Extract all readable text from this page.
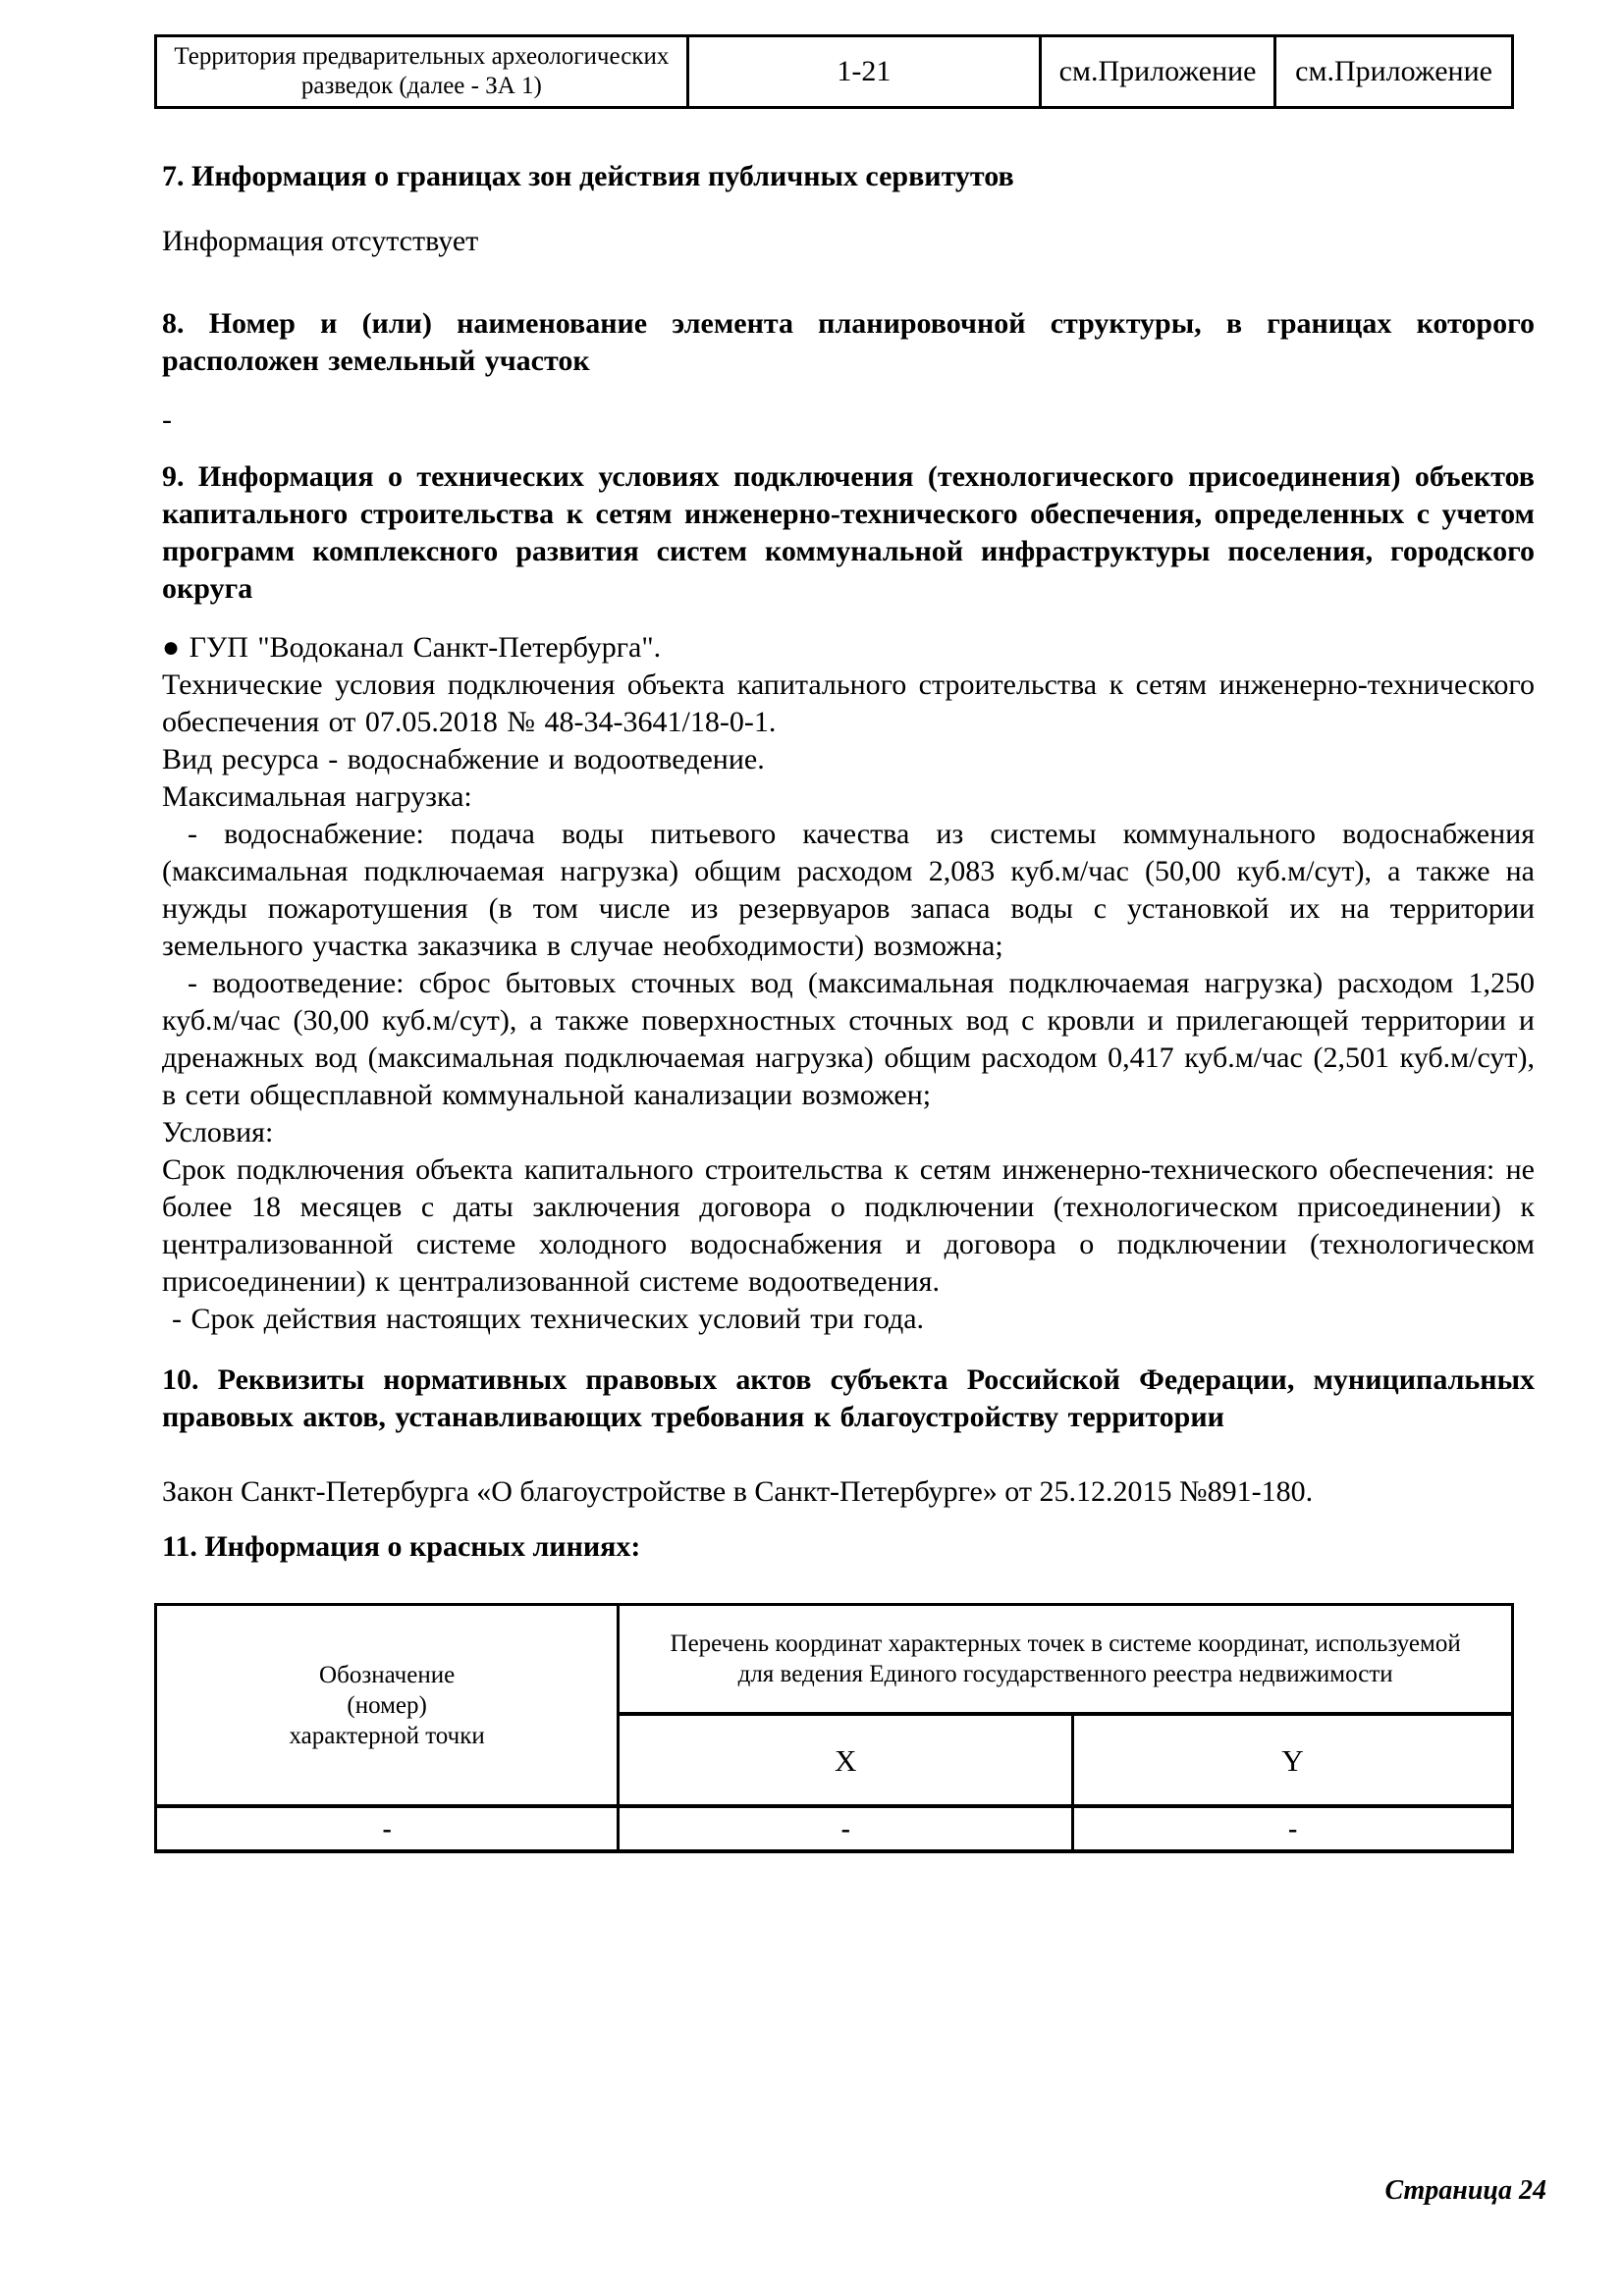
Территория предварительных археологических разведок (далее - ЗА 1)	1-21	см.Приложение	см.Приложение
7. Информация о границах зон действия публичных сервитутов
Информация отсутствует
8. Номер и (или) наименование элемента планировочной структуры, в границах которого расположен земельный участок
-
9. Информация о технических условиях подключения (технологического присоединения) объектов капитального строительства к сетям инженерно-технического обеспечения, определенных с учетом программ комплексного развития систем коммунальной инфраструктуры поселения, городского округа
● ГУП "Водоканал Санкт-Петербурга".
Технические условия подключения объекта капитального строительства к сетям инженерно-технического обеспечения от 07.05.2018 № 48-34-3641/18-0-1.
Вид ресурса - водоснабжение и водоотведение.
Максимальная нагрузка:
- водоснабжение: подача воды питьевого качества из системы коммунального водоснабжения (максимальная подключаемая нагрузка) общим расходом 2,083 куб.м/час (50,00 куб.м/сут), а также на нужды пожаротушения (в том числе из резервуаров запаса воды с установкой их на территории земельного участка заказчика в случае необходимости) возможна;
- водоотведение: сброс бытовых сточных вод (максимальная подключаемая нагрузка) расходом 1,250 куб.м/час (30,00 куб.м/сут), а также поверхностных сточных вод с кровли и прилегающей территории и дренажных вод (максимальная подключаемая нагрузка) общим расходом 0,417 куб.м/час (2,501 куб.м/сут), в сети общесплавной коммунальной канализации возможен;
Условия:
Срок подключения объекта капитального строительства к сетям инженерно-технического обеспечения: не более 18 месяцев с даты заключения договора о подключении (технологическом присоединении) к централизованной системе холодного водоснабжения и договора о подключении (технологическом присоединении) к централизованной системе водоотведения.
- Срок действия настоящих технических условий три года.
10. Реквизиты нормативных правовых актов субъекта Российской Федерации, муниципальных правовых актов, устанавливающих требования к благоустройству территории
Закон Санкт-Петербурга «О благоустройстве в Санкт-Петербурге» от 25.12.2015 №891-180.
11. Информация о красных линиях:
Обозначение (номер) характерной точки	Перечень координат характерных точек в системе координат, используемой для ведения Единого государственного реестра недвижимости	

	X	Y
-	-	-
Страница 24
